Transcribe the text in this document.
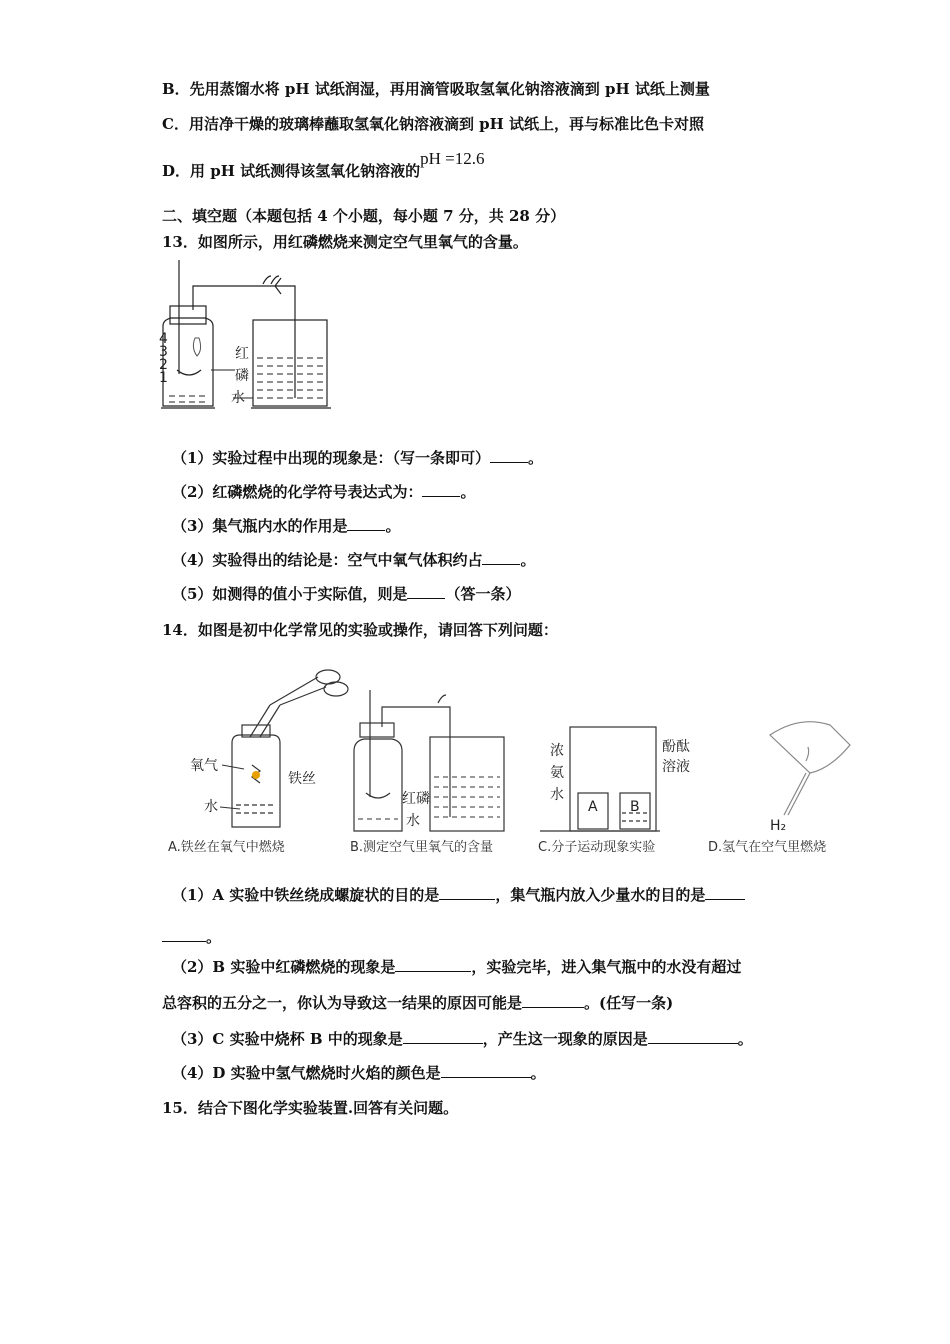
B．先用蒸馏水将 pH 试纸润湿，再用滴管吸取氢氧化钠溶液滴到 pH 试纸上测量
C．用洁净干燥的玻璃棒蘸取氢氧化钠溶液滴到 pH 试纸上，再与标准比色卡对照
D．用 pH 试纸测得该氢氧化钠溶液的pH =12.6
二、填空题（本题包括 4 个小题，每小题 7 分，共 28 分）
13．如图所示，用红磷燃烧来测定空气里氧气的含量。
4
3
2
1
红
磷
水
（1）实验过程中出现的现象是：（写一条即可）	。
（2）红磷燃烧的化学符号表达式为：	。
（3）集气瓶内水的作用是	。
（4）实验得出的结论是：空气中氧气体积约占	。
（5）如测得的值小于实际值，则是	（答一条）
14．如图是初中化学常见的实验或操作，请回答下列问题：
氧气
铁丝
水
A.铁丝在氧气中燃烧
红磷
水
B.测定空气里氧气的含量
浓
氨
水
酚酞
溶液
A B
C.分子运动现象实验
H₂
D.氢气在空气里燃烧
（1）A 实验中铁丝绕成螺旋状的目的是	，集气瓶内放入少量水的目的是
。
（2）B 实验中红磷燃烧的现象是	，实验完毕，进入集气瓶中的水没有超过
总容积的五分之一，你认为导致这一结果的原因可能是	。(任写一条)
（3）C 实验中烧杯 B 中的现象是	，产生这一现象的原因是	。
（4）D 实验中氢气燃烧时火焰的颜色是	。
15．结合下图化学实验装置.回答有关问题。
